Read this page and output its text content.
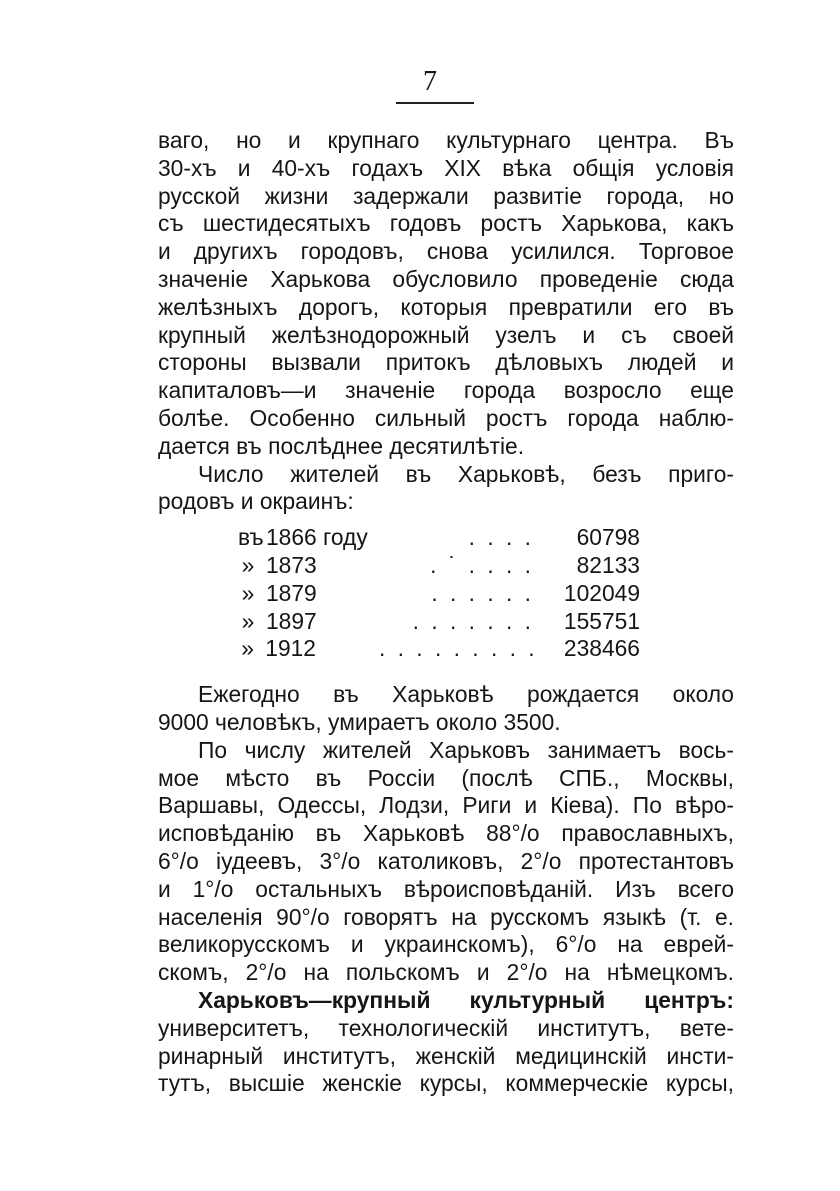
7
ваго, но и крупнаго культурнаго центра. Въ
30-хъ и 40-хъ годахъ XIX вѣка общія условія
русской жизни задержали развитіе города, но
съ шестидесятыхъ годовъ ростъ Харькова, какъ
и другихъ городовъ, снова усилился. Торговое
значеніе Харькова обусловило проведеніе сюда
желѣзныхъ дорогъ, которыя превратили его въ
крупный желѣзнодорожный узелъ и съ своей
стороны вызвали притокъ дѣловыхъ людей и
капиталовъ—и значеніе города возросло еще
болѣе. Особенно сильный ростъ города наблю-
дается въ послѣднее десятилѣтіе.
Число жителей въ Харьковѣ, безъ приго-
родовъ и окраинъ:
въ 1866 году	. . . .	60798
» 1873	. ˙ . . . .	82133
» 1879	. . . . . .	102049
» 1897	. . . . . . .	155751
» 1912	. . . . . . . . .	238466
Ежегодно въ Харьковѣ рождается около
9000 человѣкъ, умираетъ около 3500.
По числу жителей Харьковъ занимаетъ вось-
мое мѣсто въ Россіи (послѣ СПБ., Москвы,
Варшавы, Одессы, Лодзи, Риги и Кіева). По вѣро-
исповѣданію въ Харьковѣ 88°/о православныхъ,
6°/о іудеевъ, 3°/о католиковъ, 2°/о протестантовъ
и 1°/о остальныхъ вѣроисповѣданій. Изъ всего
населенія 90°/о говорятъ на русскомъ языкѣ (т. е.
великорусскомъ и украинскомъ), 6°/о на еврей-
скомъ, 2°/о на польскомъ и 2°/о на нѣмецкомъ.
Харьковъ—крупный культурный центръ:
университетъ, технологическій институтъ, вете-
ринарный институтъ, женскій медицинскій инсти-
тутъ, высшіе женскіе курсы, коммерческіе курсы,
